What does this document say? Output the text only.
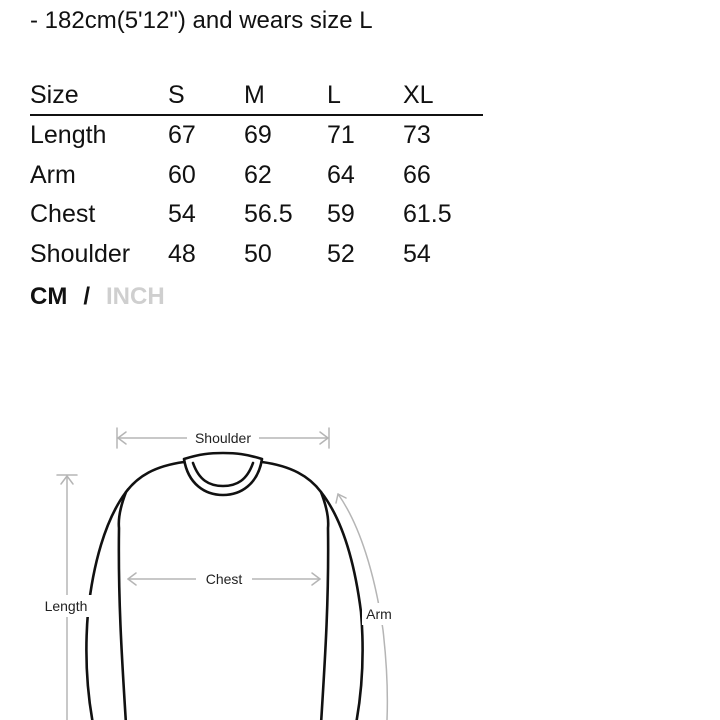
- 182cm(5'12") and wears size L
Size	S	M	L	XL
Length	67	69	71	73
Arm	60	62	64	66
Chest	54	56.5	59	61.5
Shoulder	48	50	52	54
CM / INCH
Shoulder
Chest
Length	Arm
